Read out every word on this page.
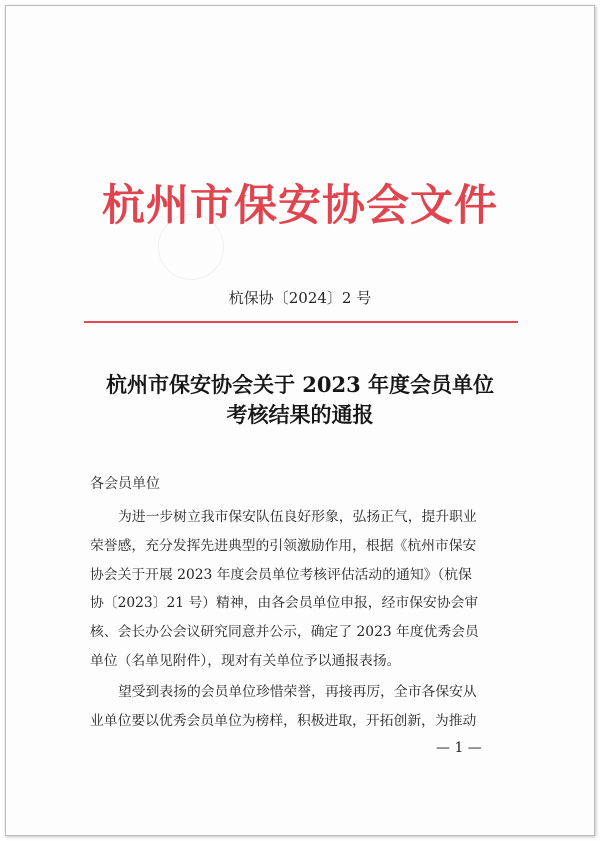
杭州市保安协会文件
杭保协〔2024〕2 号
杭州市保安协会关于 2023 年度会员单位
考核结果的通报
各会员单位
为进一步树立我市保安队伍良好形象，弘扬正气，提升职业
荣誉感，充分发挥先进典型的引领激励作用，根据《杭州市保安
协会关于开展 2023 年度会员单位考核评估活动的通知》（杭保
协〔2023〕21 号）精神，由各会员单位申报，经市保安协会审
核、会长办公会议研究同意并公示，确定了 2023 年度优秀会员
单位（名单见附件），现对有关单位予以通报表扬。
望受到表扬的会员单位珍惜荣誉，再接再厉，全市各保安从
业单位要以优秀会员单位为榜样，积极进取，开拓创新，为推动
— 1 —
